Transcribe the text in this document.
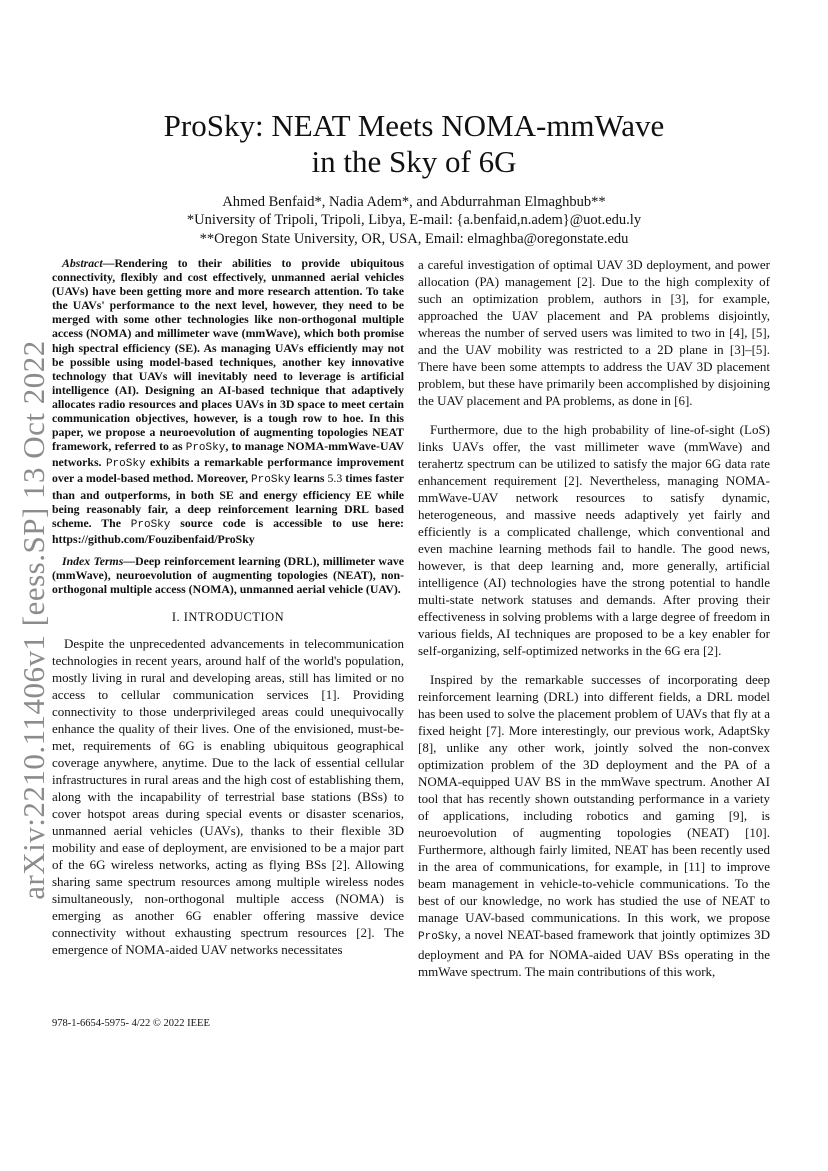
arXiv:2210.11406v1 [eess.SP] 13 Oct 2022
ProSky: NEAT Meets NOMA-mmWave
in the Sky of 6G
Ahmed Benfaid*, Nadia Adem*, and Abdurrahman Elmaghbub**
*University of Tripoli, Tripoli, Libya, E-mail: {a.benfaid,n.adem}@uot.edu.ly
**Oregon State University, OR, USA, Email: elmaghba@oregonstate.edu

Abstract—Rendering to their abilities to provide ubiquitous connectivity, flexibly and cost effectively, unmanned aerial vehicles (UAVs) have been getting more and more research attention. To take the UAVs' performance to the next level, however, they need to be merged with some other technologies like non-orthogonal multiple access (NOMA) and millimeter wave (mmWave), which both promise high spectral efficiency (SE). As managing UAVs efficiently may not be possible using model-based techniques, another key innovative technology that UAVs will inevitably need to leverage is artificial intelligence (AI). Designing an AI-based technique that adaptively allocates radio resources and places UAVs in 3D space to meet certain communication objectives, however, is a tough row to hoe. In this paper, we propose a neuroevolution of augmenting topologies NEAT framework, referred to as ProSky, to manage NOMA-mmWave-UAV networks. ProSky exhibits a remarkable performance improvement over a model-based method. Moreover, ProSky learns 5.3 times faster than and outperforms, in both SE and energy efficiency EE while being reasonably fair, a deep reinforcement learning DRL based scheme. The ProSky source code is accessible to use here: https://github.com/Fouzibenfaid/ProSky

Index Terms—Deep reinforcement learning (DRL), millimeter wave (mmWave), neuroevolution of augmenting topologies (NEAT), non-orthogonal multiple access (NOMA), unmanned aerial vehicle (UAV).

I. INTRODUCTION

Despite the unprecedented advancements in telecommunication technologies in recent years, around half of the world's population, mostly living in rural and developing areas, still has limited or no access to cellular communication services [1]. Providing connectivity to those underprivileged areas could unequivocally enhance the quality of their lives. One of the envisioned, must-be-met, requirements of 6G is enabling ubiquitous geographical coverage anywhere, anytime. Due to the lack of essential cellular infrastructures in rural areas and the high cost of establishing them, along with the incapability of terrestrial base stations (BSs) to cover hotspot areas during special events or disaster scenarios, unmanned aerial vehicles (UAVs), thanks to their flexible 3D mobility and ease of deployment, are envisioned to be a major part of the 6G wireless networks, acting as flying BSs [2]. Allowing sharing same spectrum resources among multiple wireless nodes simultaneously, non-orthogonal multiple access (NOMA) is emerging as another 6G enabler offering massive device connectivity without exhausting spectrum resources [2]. The emergence of NOMA-aided UAV networks necessitates

a careful investigation of optimal UAV 3D deployment, and power allocation (PA) management [2]. Due to the high complexity of such an optimization problem, authors in [3], for example, approached the UAV placement and PA problems disjointly, whereas the number of served users was limited to two in [4], [5], and the UAV mobility was restricted to a 2D plane in [3]–[5]. There have been some attempts to address the UAV 3D placement problem, but these have primarily been accomplished by disjoining the UAV placement and PA problems, as done in [6].

Furthermore, due to the high probability of line-of-sight (LoS) links UAVs offer, the vast millimeter wave (mmWave) and terahertz spectrum can be utilized to satisfy the major 6G data rate enhancement requirement [2]. Nevertheless, managing NOMA-mmWave-UAV network resources to satisfy dynamic, heterogeneous, and massive needs adaptively yet fairly and efficiently is a complicated challenge, which conventional and even machine learning methods fail to handle. The good news, however, is that deep learning and, more generally, artificial intelligence (AI) technologies have the strong potential to handle multi-state network statuses and demands. After proving their effectiveness in solving problems with a large degree of freedom in various fields, AI techniques are proposed to be a key enabler for self-organizing, self-optimized networks in the 6G era [2].

Inspired by the remarkable successes of incorporating deep reinforcement learning (DRL) into different fields, a DRL model has been used to solve the placement problem of UAVs that fly at a fixed height [7]. More interestingly, our previous work, AdaptSky [8], unlike any other work, jointly solved the non-convex optimization problem of the 3D deployment and the PA of a NOMA-equipped UAV BS in the mmWave spectrum. Another AI tool that has recently shown outstanding performance in a variety of applications, including robotics and gaming [9], is neuroevolution of augmenting topologies (NEAT) [10]. Furthermore, although fairly limited, NEAT has been recently used in the area of communications, for example, in [11] to improve beam management in vehicle-to-vehicle communications. To the best of our knowledge, no work has studied the use of NEAT to manage UAV-based communications. In this work, we propose ProSky, a novel NEAT-based framework that jointly optimizes 3D deployment and PA for NOMA-aided UAV BSs operating in the mmWave spectrum. The main contributions of this work,

978-1-6654-5975- 4/22 © 2022 IEEE
